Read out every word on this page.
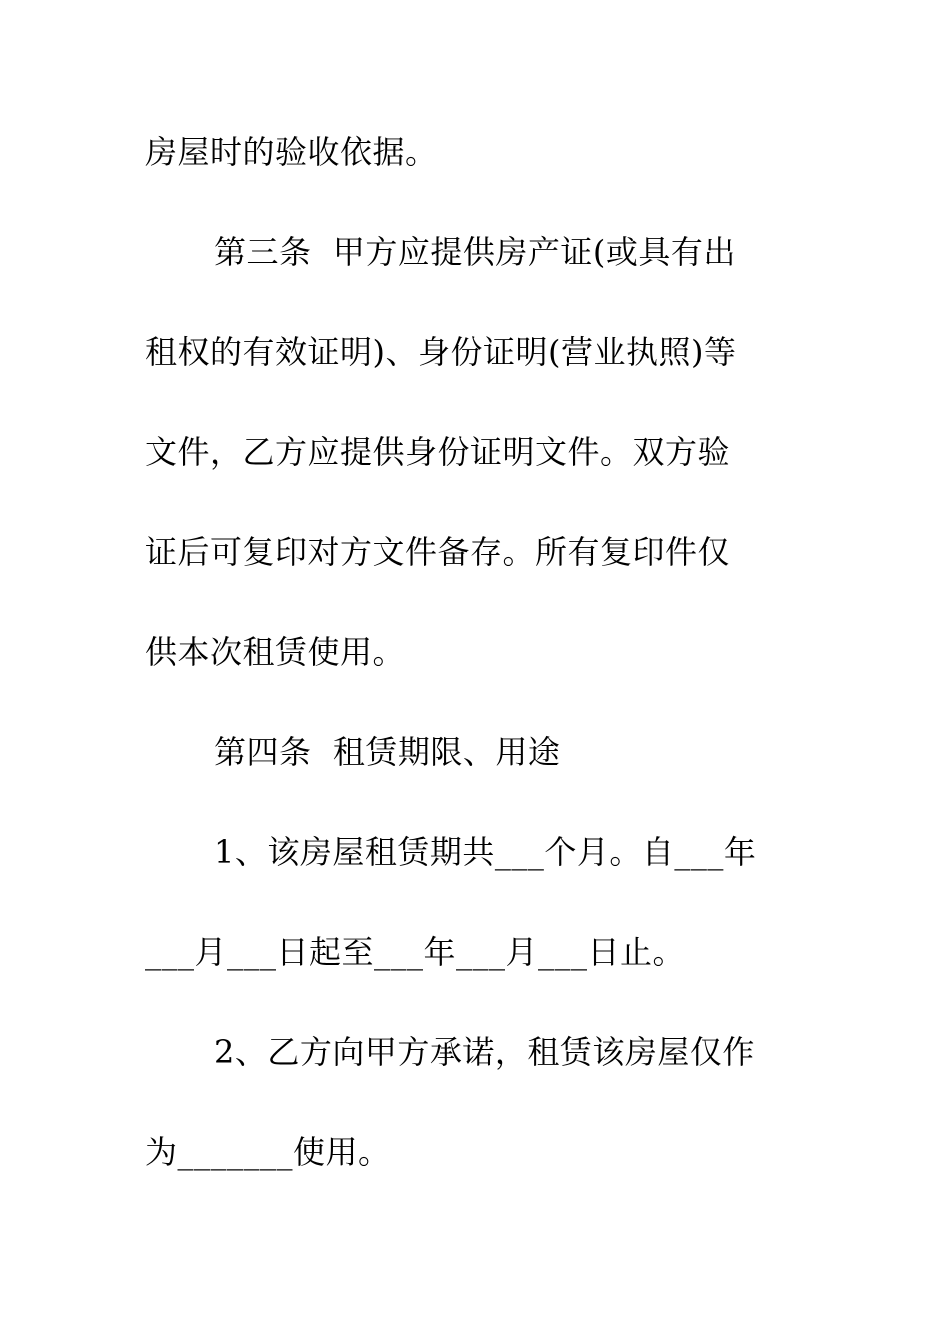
房屋时的验收依据。

第三条  甲方应提供房产证(或具有出

租权的有效证明)、身份证明(营业执照)等

文件，乙方应提供身份证明文件。双方验

证后可复印对方文件备存。所有复印件仅

供本次租赁使用。

第四条  租赁期限、用途

1、该房屋租赁期共___个月。自___年

___月___日起至___年___月___日止。

2、乙方向甲方承诺，租赁该房屋仅作

为_______使用。
